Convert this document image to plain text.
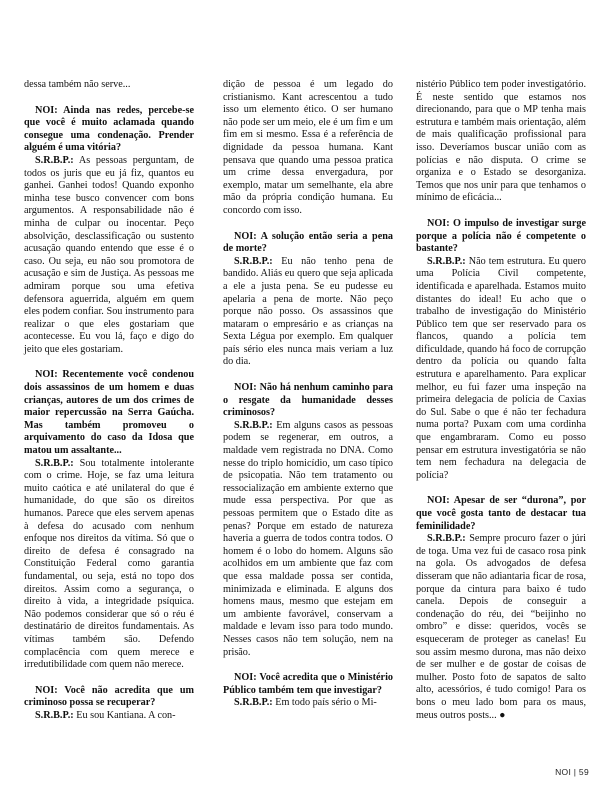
dessa também não serve...

NOI: Ainda nas redes, percebe-se que você é muito aclamada quando consegue uma condenação. Prender alguém é uma vitória?

S.R.B.P.: As pessoas perguntam, de todos os juris que eu já fiz, quantos eu ganhei. Ganhei todos! Quando exponho minha tese busco convencer com bons argumentos. A responsabilidade não é minha de culpar ou inocentar. Peço absolvição, desclassificação ou sustento acusação quando entendo que esse é o caso. Ou seja, eu não sou promotora de acusação e sim de Justiça. As pessoas me admiram porque sou uma efetiva defensora aguerrida, alguém em quem eles podem confiar. Sou instrumento para realizar o que eles gostariam que acontecesse. Eu vou lá, faço e digo do jeito que eles gostariam.

NOI: Recentemente você condenou dois assassinos de um homem e duas crianças, autores de um dos crimes de maior repercussão na Serra Gaúcha. Mas também promoveu o arquivamento do caso da Idosa que matou um assaltante...

S.R.B.P.: Sou totalmente intolerante com o crime. Hoje, se faz uma leitura muito caótica e até unilateral do que é humanidade, do que são os direitos humanos. Parece que eles servem apenas à defesa do acusado com nenhum enfoque nos direitos da vítima. Só que o direito de defesa é consagrado na Constituição Federal como garantia fundamental, ou seja, está no topo dos direitos. Assim como a segurança, o direito à vida, a integridade psíquica. Não podemos considerar que só o réu é destinatário de direitos fundamentais. As vítimas também são. Defendo complacência com quem merece e irredutibilidade com quem não merece.

NOI: Você não acredita que um criminoso possa se recuperar?

S.R.B.P.: Eu sou Kantiana. A con-

dição de pessoa é um legado do cristianismo. Kant acrescentou a tudo isso um elemento ético. O ser humano não pode ser um meio, ele é um fim e um fim em si mesmo. Essa é a referência de dignidade da pessoa humana. Kant pensava que quando uma pessoa pratica um crime dessa envergadura, por exemplo, matar um semelhante, ela abre mão da própria condição humana. Eu concordo com isso.

NOI: A solução então seria a pena de morte?

S.R.B.P.: Eu não tenho pena de bandido. Aliás eu quero que seja aplicada a ele a justa pena. Se eu pudesse eu apelaria a pena de morte. Não peço porque não posso. Os assassinos que mataram o empresário e as crianças na Sexta Légua por exemplo. Em qualquer país sério eles nunca mais veriam a luz do dia.

NOI: Não há nenhum caminho para o resgate da humanidade desses criminosos?

S.R.B.P.: Em alguns casos as pessoas podem se regenerar, em outros, a maldade vem registrada no DNA. Como nesse do triplo homicídio, um caso típico de psicopatia. Não tem tratamento ou ressocialização em ambiente externo que mude essa perspectiva. Por que as pessoas permitem que o Estado dite as penas? Porque em estado de natureza haveria a guerra de todos contra todos. O homem é o lobo do homem. Alguns são acolhidos em um ambiente que faz com que essa maldade possa ser contida, minimizada e eliminada. E alguns dos homens maus, mesmo que estejam em um ambiente favorável, conservam a maldade e levam isso para todo mundo. Nesses casos não tem solução, nem na prisão.

NOI: Você acredita que o Ministério Público também tem que investigar?

S.R.B.P.: Em todo país sério o Mi-

nistério Público tem poder investigatório. É neste sentido que estamos nos direcionando, para que o MP tenha mais estrutura e também mais orientação, além de mais qualificação profissional para isso. Deveríamos buscar união com as polícias e não disputa. O crime se organiza e o Estado se desorganiza. Temos que nos unir para que tenhamos o mínimo de eficácia...

NOI: O impulso de investigar surge porque a polícia não é competente o bastante?

S.R.B.P.: Não tem estrutura. Eu quero uma Polícia Civil competente, identificada e aparelhada. Estamos muito distantes do ideal! Eu acho que o trabalho de investigação do Ministério Público tem que ser reservado para os flancos, quando a polícia tem dificuldade, quando há foco de corrupção dentro da polícia ou quando falta estrutura e aparelhamento. Para explicar melhor, eu fui fazer uma inspeção na primeira delegacia de polícia de Caxias do Sul. Sabe o que é não ter fechadura numa porta? Puxam com uma cordinha que engambraram. Como eu posso pensar em estrutura investigatória se não tem nem fechadura na delegacia de polícia?

NOI: Apesar de ser “durona”, por que você gosta tanto de destacar tua feminilidade?

S.R.B.P.: Sempre procuro fazer o júri de toga. Uma vez fui de casaco rosa pink na gola. Os advogados de defesa disseram que não adiantaria ficar de rosa, porque da cintura para baixo é tudo canela. Depois de conseguir a condenação do réu, dei “beijinho no ombro” e disse: queridos, vocês se esqueceram de proteger as canelas! Eu sou assim mesmo durona, mas não deixo de ser mulher e de gostar de coisas de mulher. Posto foto de sapatos de salto alto, acessórios, é tudo comigo! Para os bons o meu lado bom para os maus, meus outros posts... ●

NOI | 59
